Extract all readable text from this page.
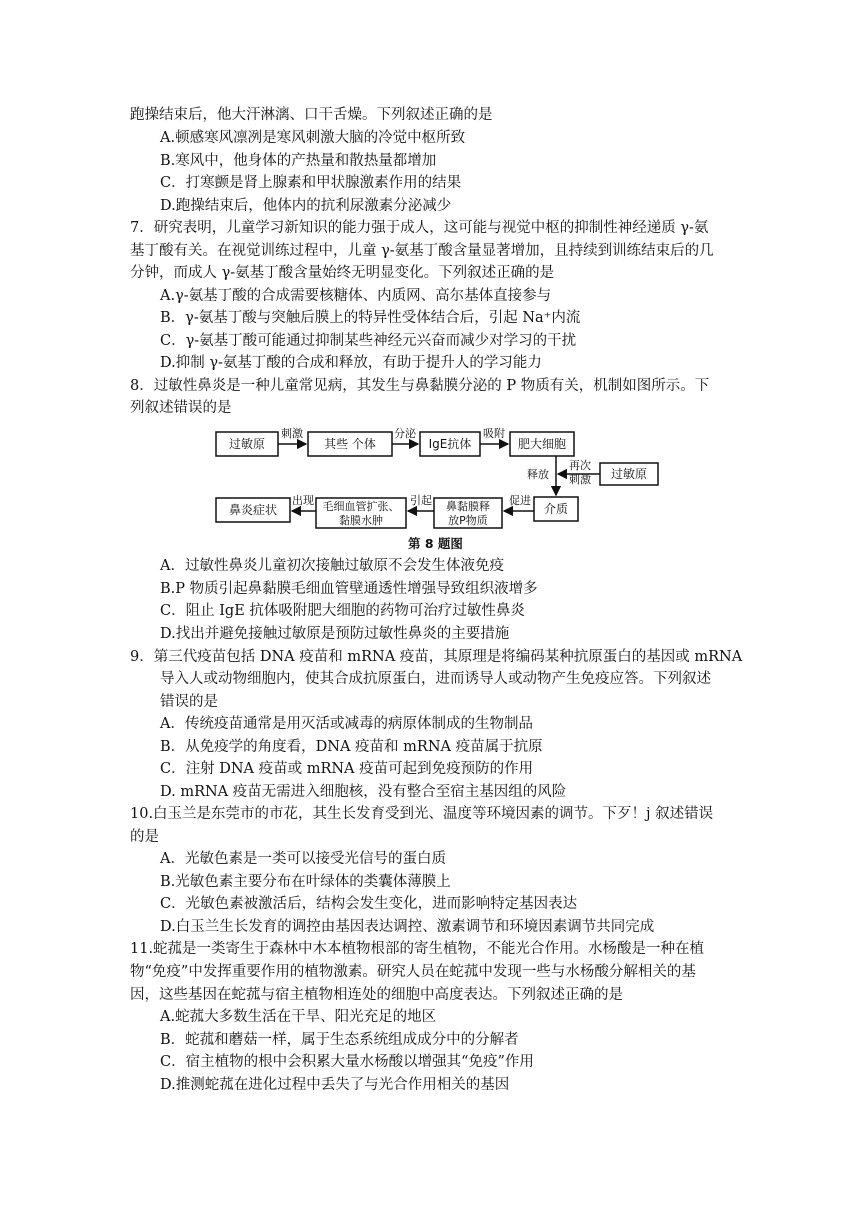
跑操结束后，他大汗淋漓、口干舌燥。下列叙述正确的是
A.顿感寒风凛冽是寒风刺激大脑的冷觉中枢所致
B.寒风中，他身体的产热量和散热量都增加
C．打寒颤是肾上腺素和甲状腺激素作用的结果
D.跑操结束后，他体内的抗利尿激素分泌减少
7．研究表明，儿童学习新知识的能力强于成人，这可能与视觉中枢的抑制性神经递质 γ-氨
基丁酸有关。在视觉训练过程中，儿童 γ-氨基丁酸含量显著增加，且持续到训练结束后的几
分钟，而成人 γ-氨基丁酸含量始终无明显变化。下列叙述正确的是
A.γ-氨基丁酸的合成需要核糖体、内质网、高尔基体直接参与
B．γ-氨基丁酸与突触后膜上的特异性受体结合后，引起 Na⁺内流
C．γ-氨基丁酸可能通过抑制某些神经元兴奋而减少对学习的干扰
D.抑制 γ-氨基丁酸的合成和释放，有助于提升人的学习能力
8．过敏性鼻炎是一种儿童常见病，其发生与鼻黏膜分泌的 P 物质有关，机制如图所示。下
列叙述错误的是
过敏原	其些 个体	IgE抗体	肥大细胞
过敏原
介质
鼻黏膜释
放P物质
毛细血管扩张、
黏膜水肿
鼻炎症状
刺激	分泌	吸附
再次
刺激
释放
促进
引起
出现
第 8 题图
A．过敏性鼻炎儿童初次接触过敏原不会发生体液免疫
B.P 物质引起鼻黏膜毛细血管壁通透性增强导致组织液增多
C．阻止 IgE 抗体吸附肥大细胞的药物可治疗过敏性鼻炎
D.找出并避免接触过敏原是预防过敏性鼻炎的主要措施
9．第三代疫苗包括 DNA 疫苗和 mRNA 疫苗，其原理是将编码某种抗原蛋白的基因或 mRNA
导入人或动物细胞内，使其合成抗原蛋白，进而诱导人或动物产生免疫应答。下列叙述
错误的是
A．传统疫苗通常是用灭活或减毒的病原体制成的生物制品
B．从免疫学的角度看，DNA 疫苗和 mRNA 疫苗属于抗原
C．注射 DNA 疫苗或 mRNA 疫苗可起到免疫预防的作用
D. mRNA 疫苗无需进入细胞核，没有整合至宿主基因组的风险
10.白玉兰是东莞市的市花，其生长发育受到光、温度等环境因素的调节。下歹！j 叙述错误
的是
A．光敏色素是一类可以接受光信号的蛋白质
B.光敏色素主要分布在叶绿体的类囊体薄膜上
C．光敏色素被激活后，结构会发生变化，进而影响特定基因表达
D.白玉兰生长发育的调控由基因表达调控、激素调节和环境因素调节共同完成
11.蛇菰是一类寄生于森林中木本植物根部的寄生植物，不能光合作用。水杨酸是一种在植
物“免疫”中发挥重要作用的植物激素。研究人员在蛇菰中发现一些与水杨酸分解相关的基
因，这些基因在蛇菰与宿主植物相连处的细胞中高度表达。下列叙述正确的是
A.蛇菰大多数生活在干旱、阳光充足的地区
B．蛇菰和蘑菇一样，属于生态系统组成成分中的分解者
C．宿主植物的根中会积累大量水杨酸以增强其“免疫”作用
D.推测蛇菰在进化过程中丢失了与光合作用相关的基因
